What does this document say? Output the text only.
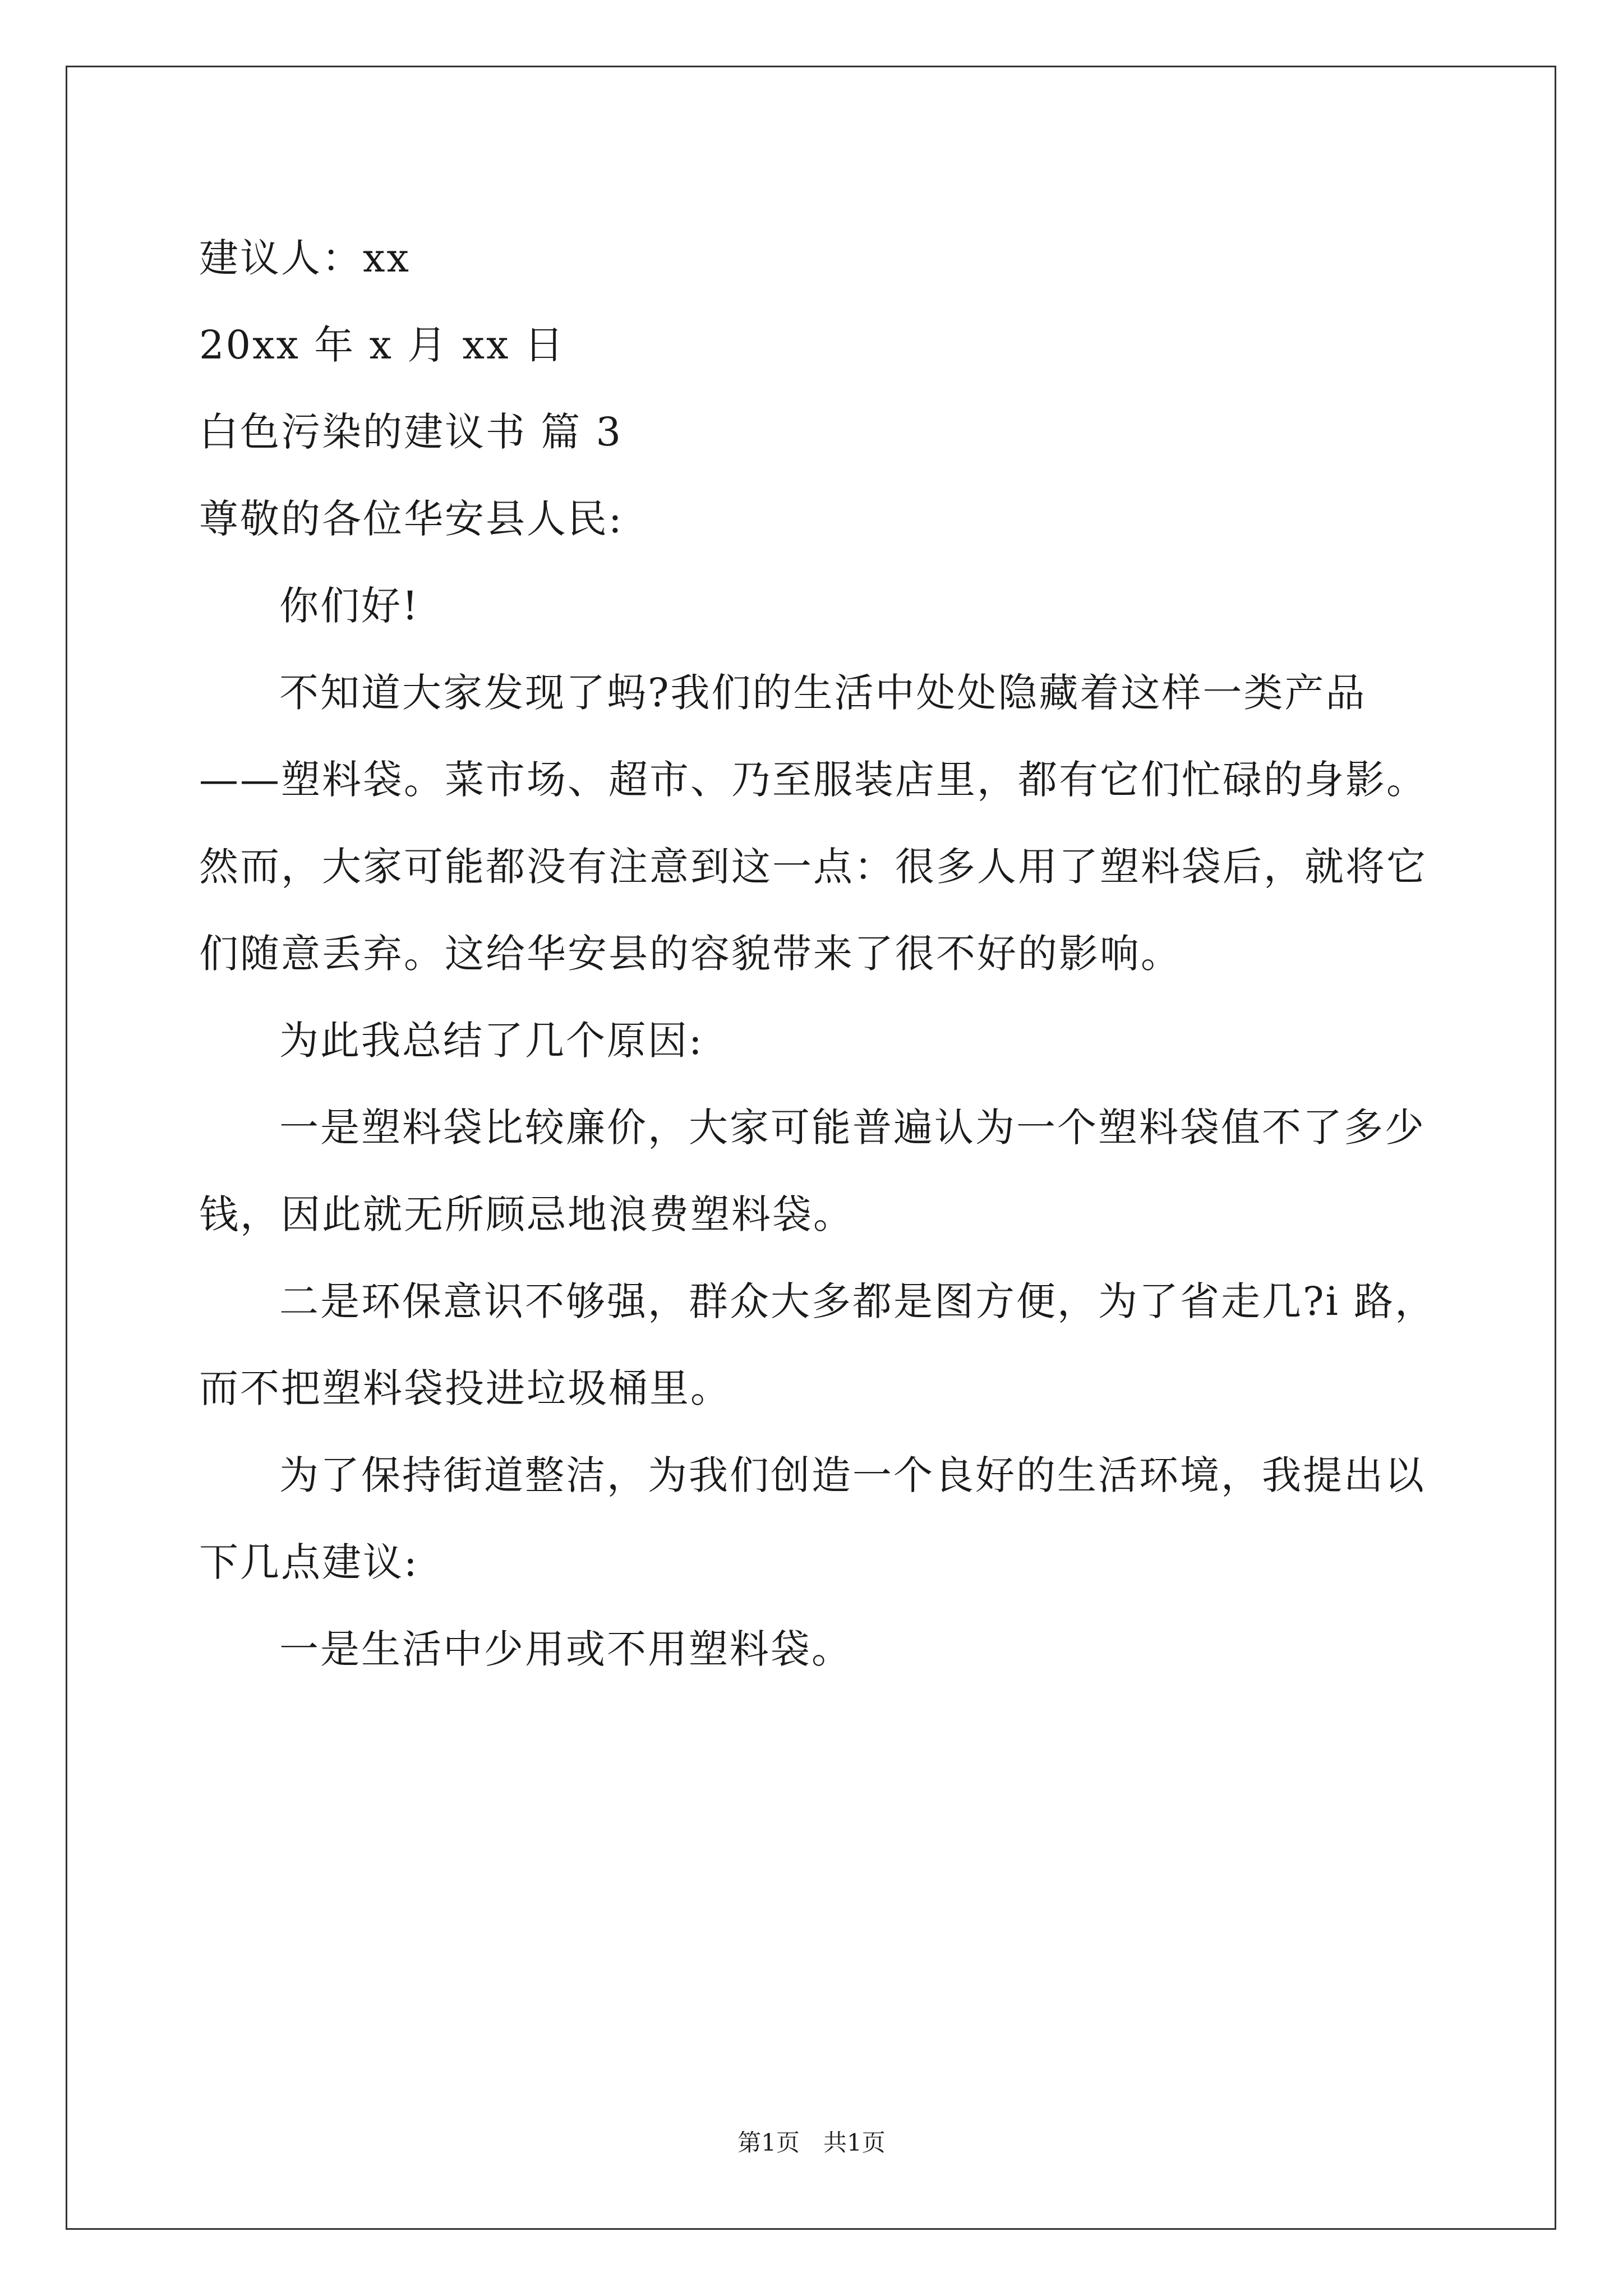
建议人：xx
20xx 年 x 月 xx 日
白色污染的建议书 篇 3
尊敬的各位华安县人民:
你们好!
不知道大家发现了蚂?我们的生活中处处隐藏着这样一类产品
——塑料袋。菜市场、超市、乃至服装店里，都有它们忙碌的身影。
然而，大家可能都没有注意到这一点：很多人用了塑料袋后，就将它
们随意丢弃。这给华安县的容貌带来了很不好的影响。
为此我总结了几个原因:
一是塑料袋比较廉价，大家可能普遍认为一个塑料袋值不了多少
钱，因此就无所顾忌地浪费塑料袋。
二是环保意识不够强，群众大多都是图方便，为了省走几?i 路，
而不把塑料袋投进垃圾桶里。
为了保持街道整洁，为我们创造一个良好的生活环境，我提出以
下几点建议:
一是生活中少用或不用塑料袋。
第1页　共1页
